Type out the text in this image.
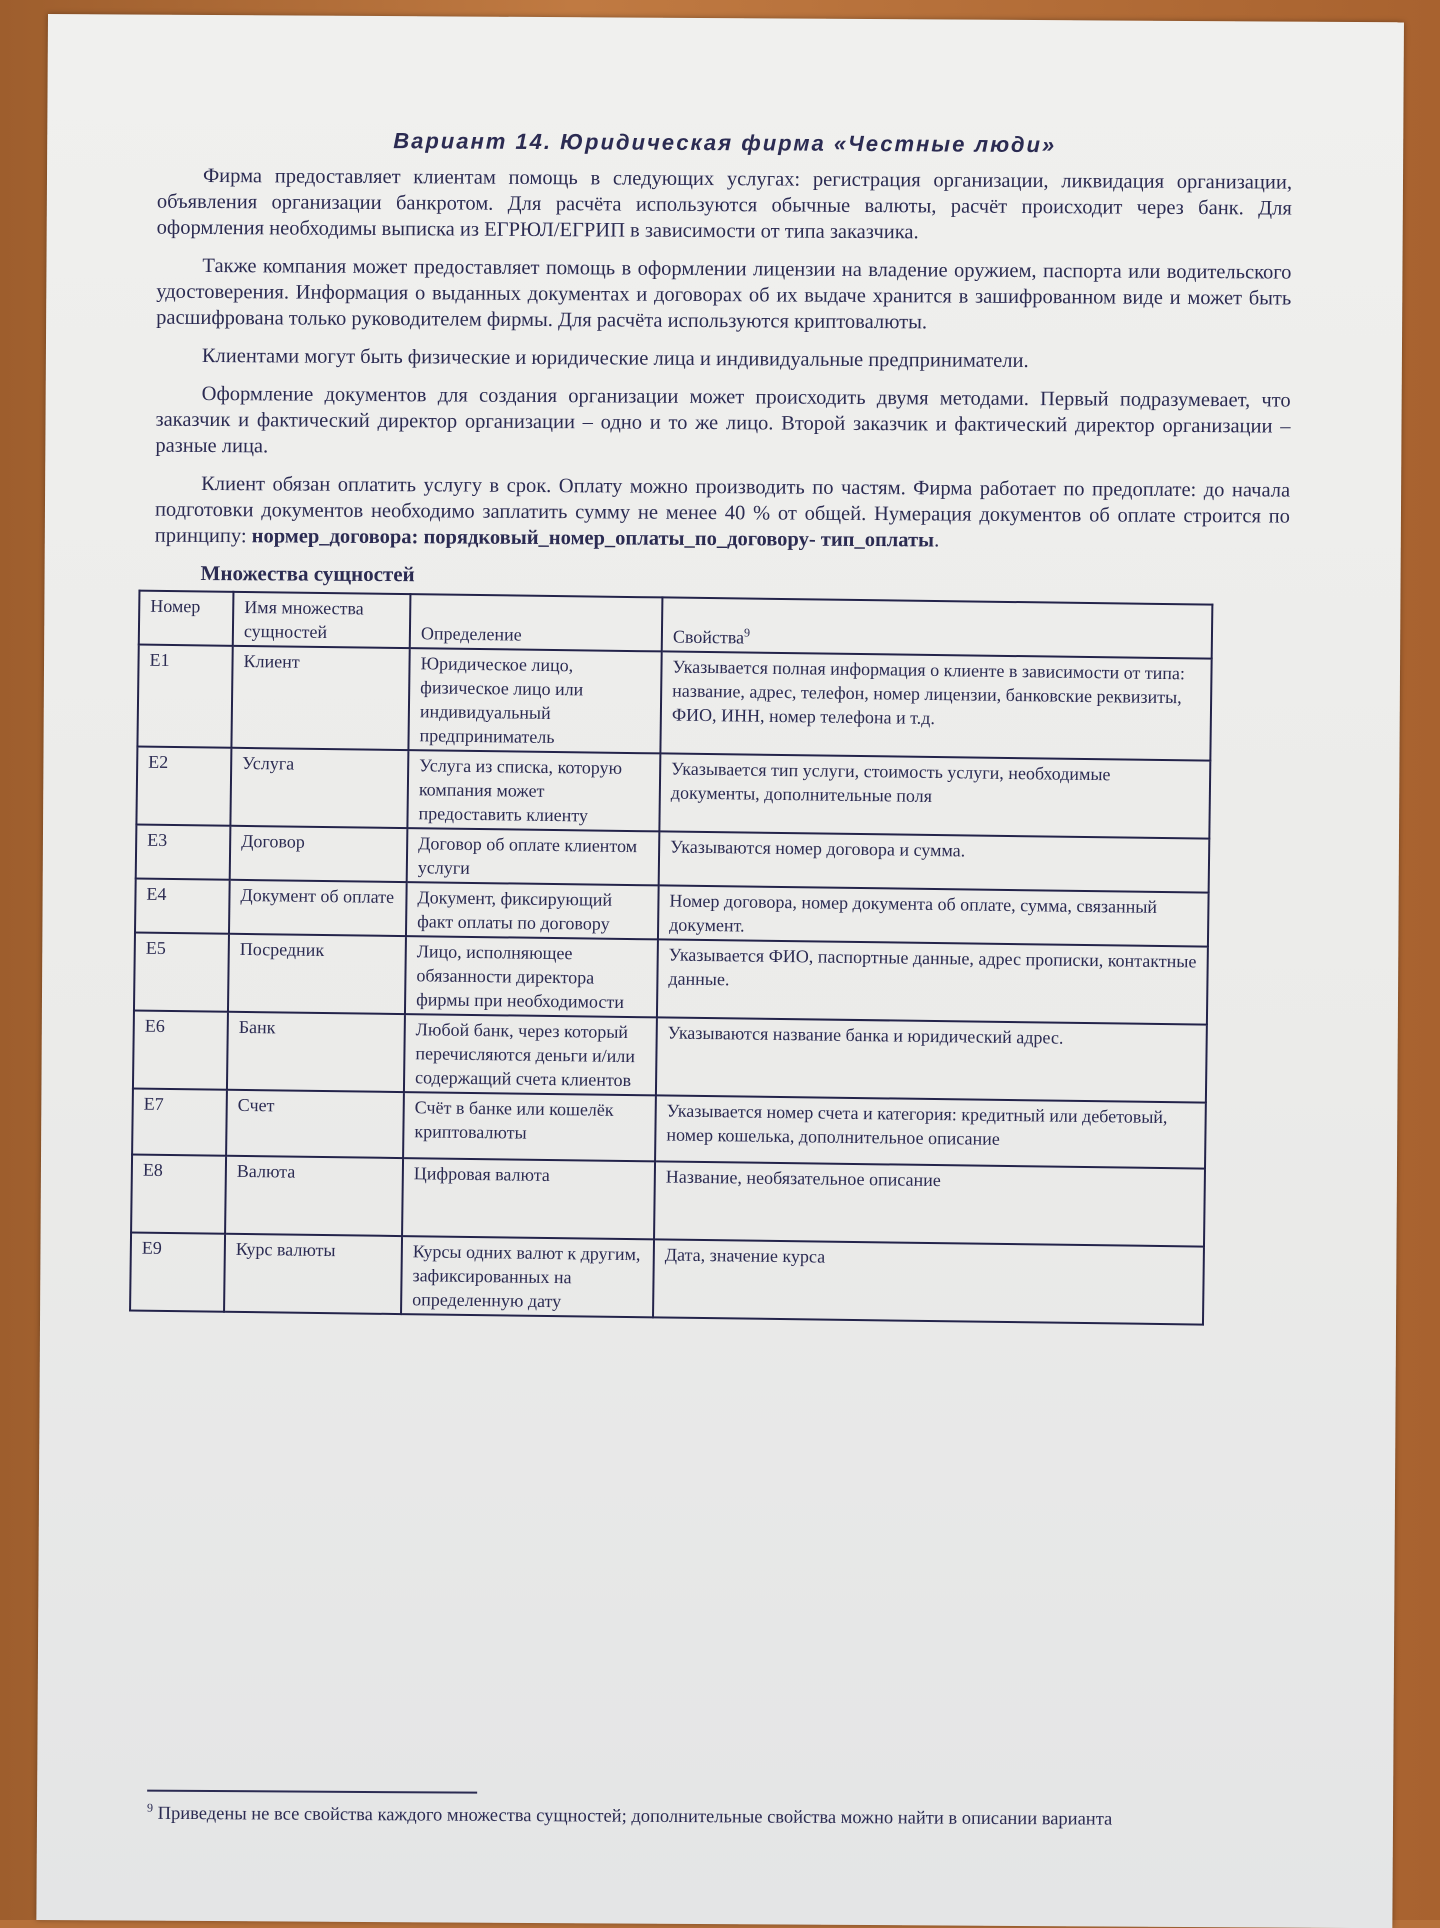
Вариант 14. Юридическая фирма «Честные люди»

Фирма предоставляет клиентам помощь в следующих услугах: регистрация организации, ликвидация организации, объявления организации банкротом. Для расчёта используются обычные валюты, расчёт происходит через банк. Для оформления необходимы выписка из ЕГРЮЛ/ЕГРИП в зависимости от типа заказчика.

Также компания может предоставляет помощь в оформлении лицензии на владение оружием, паспорта или водительского удостоверения. Информация о выданных документах и договорах об их выдаче хранится в зашифрованном виде и может быть расшифрована только руководителем фирмы. Для расчёта используются криптовалюты.

Клиентами могут быть физические и юридические лица и индивидуальные предприниматели.

Оформление документов для создания организации может происходить двумя методами. Первый подразумевает, что заказчик и фактический директор организации – одно и то же лицо. Второй заказчик и фактический директор организации – разные лица.

Клиент обязан оплатить услугу в срок. Оплату можно производить по частям. Фирма работает по предоплате: до начала подготовки документов необходимо заплатить сумму не менее 40 % от общей. Нумерация документов об оплате строится по принципу: нормер_договора: порядковый_номер_оплаты_по_договору- тип_оплаты.

Множества сущностей
Номер	Имя множества сущностей	Определение	Свойства$^9$
E1	Клиент	Юридическое лицо, физическое лицо или индивидуальный предприниматель	Указывается полная информация о клиенте в зависимости от типа: название, адрес, телефон, номер лицензии, банковские реквизиты, ФИО, ИНН, номер телефона и т.д.
E2	Услуга	Услуга из списка, которую компания может предоставить клиенту	Указывается тип услуги, стоимость услуги, необходимые документы, дополнительные поля
E3	Договор	Договор об оплате клиентом услуги	Указываются номер договора и сумма.
E4	Документ об оплате	Документ, фиксирующий факт оплаты по договору	Номер договора, номер документа об оплате, сумма, связанный документ.
E5	Посредник	Лицо, исполняющее обязанности директора фирмы при необходимости	Указывается ФИО, паспортные данные, адрес прописки, контактные данные.
E6	Банк	Любой банк, через который перечисляются деньги и/или содержащий счета клиентов	Указываются название банка и юридический адрес.
E7	Счет	Счёт в банке или кошелёк криптовалюты	Указывается номер счета и категория: кредитный или дебетовый, номер кошелька, дополнительное описание
E8	Валюта	Цифровая валюта	Название, необязательное описание
E9	Курс валюты	Курсы одних валют к другим, зафиксированных на определенную дату	Дата, значение курса
$^9$ Приведены не все свойства каждого множества сущностей; дополнительные свойства можно найти в описании варианта
